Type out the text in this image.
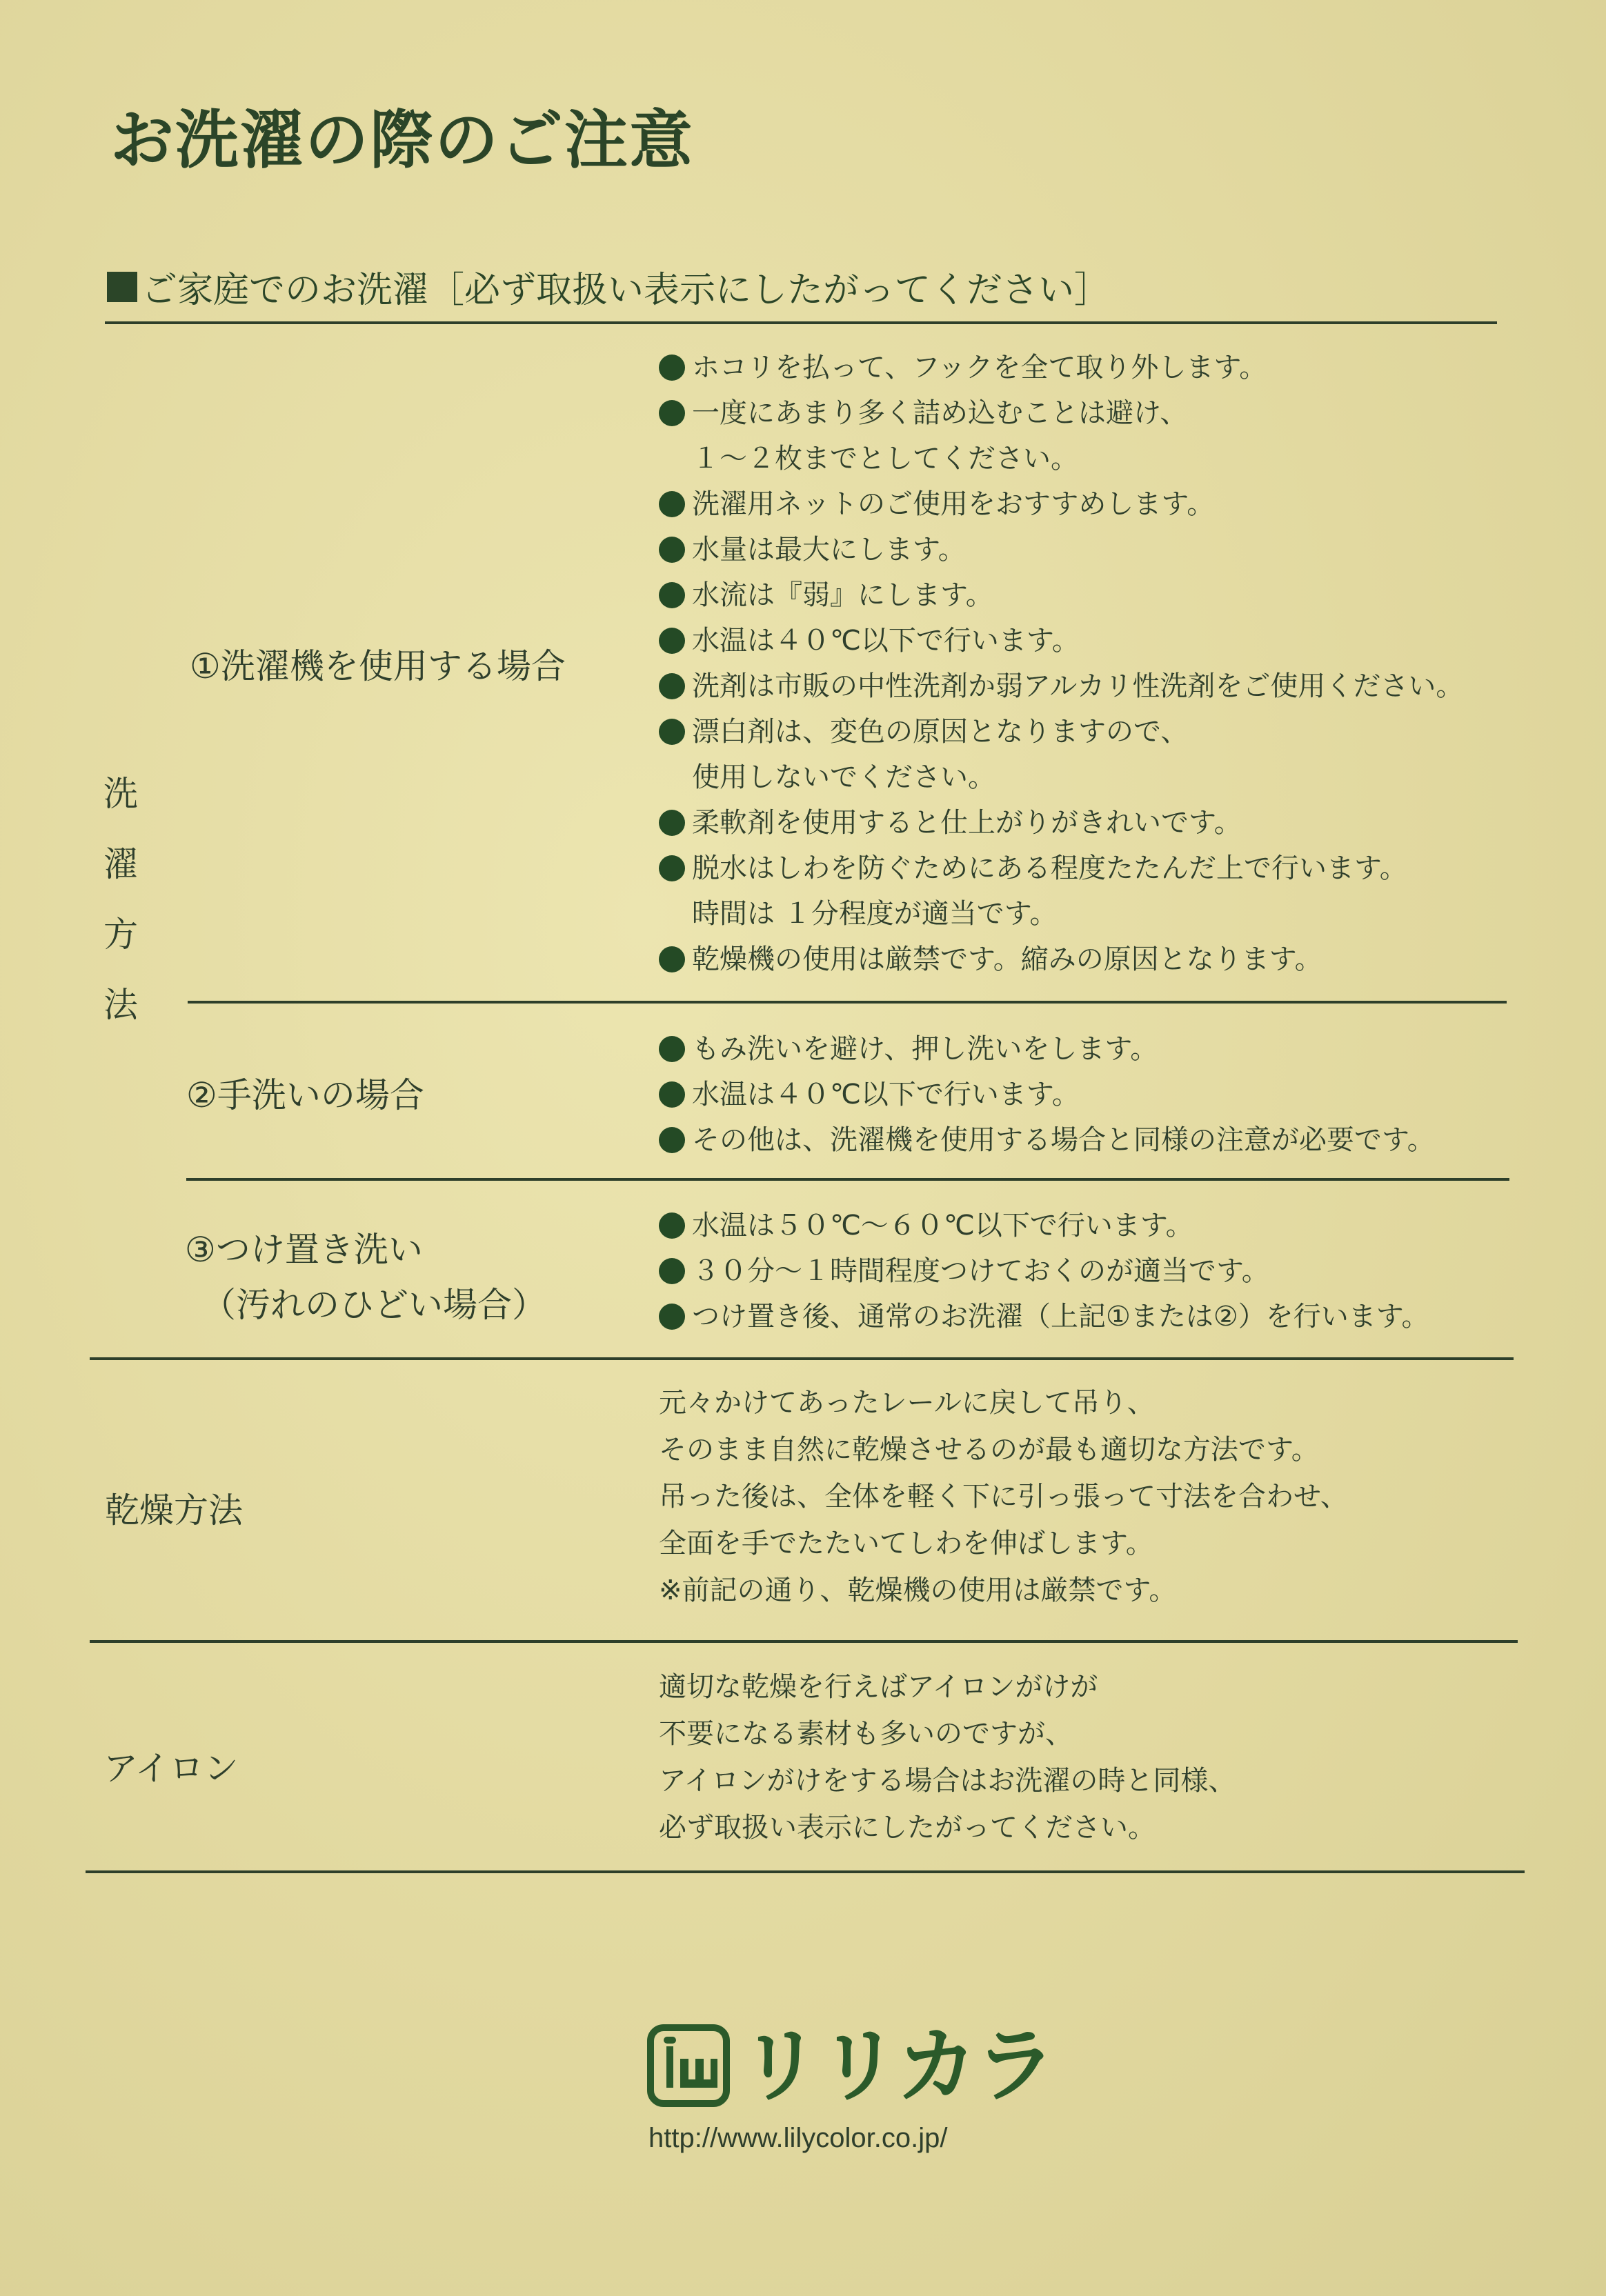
お洗濯の際のご注意
ご家庭でのお洗濯［必ず取扱い表示にしたがってください］
洗
濯
方
法
①洗濯機を使用する場合
ホコリを払って、フックを全て取り外します。
一度にあまり多く詰め込むことは避け、
１～２枚までとしてください。
洗濯用ネットのご使用をおすすめします。
水量は最大にします。
水流は『弱』にします。
水温は４０℃以下で行います。
洗剤は市販の中性洗剤か弱アルカリ性洗剤をご使用ください。
漂白剤は、変色の原因となりますので、
使用しないでください。
柔軟剤を使用すると仕上がりがきれいです。
脱水はしわを防ぐためにある程度たたんだ上で行います。
時間は １分程度が適当です。
乾燥機の使用は厳禁です。縮みの原因となります。
②手洗いの場合
もみ洗いを避け、押し洗いをします。
水温は４０℃以下で行います。
その他は、洗濯機を使用する場合と同様の注意が必要です。
③つけ置き洗い
（汚れのひどい場合）
水温は５０℃～６０℃以下で行います。
３０分～１時間程度つけておくのが適当です。
つけ置き後、通常のお洗濯（上記①または②）を行います。
乾燥方法
元々かけてあったレールに戻して吊り、
そのまま自然に乾燥させるのが最も適切な方法です。
吊った後は、全体を軽く下に引っ張って寸法を合わせ、
全面を手でたたいてしわを伸ばします。
※前記の通り、乾燥機の使用は厳禁です。
アイロン
適切な乾燥を行えばアイロンがけが
不要になる素材も多いのですが、
アイロンがけをする場合はお洗濯の時と同様、
必ず取扱い表示にしたがってください。
リリカラ
http://www.lilycolor.co.jp/
